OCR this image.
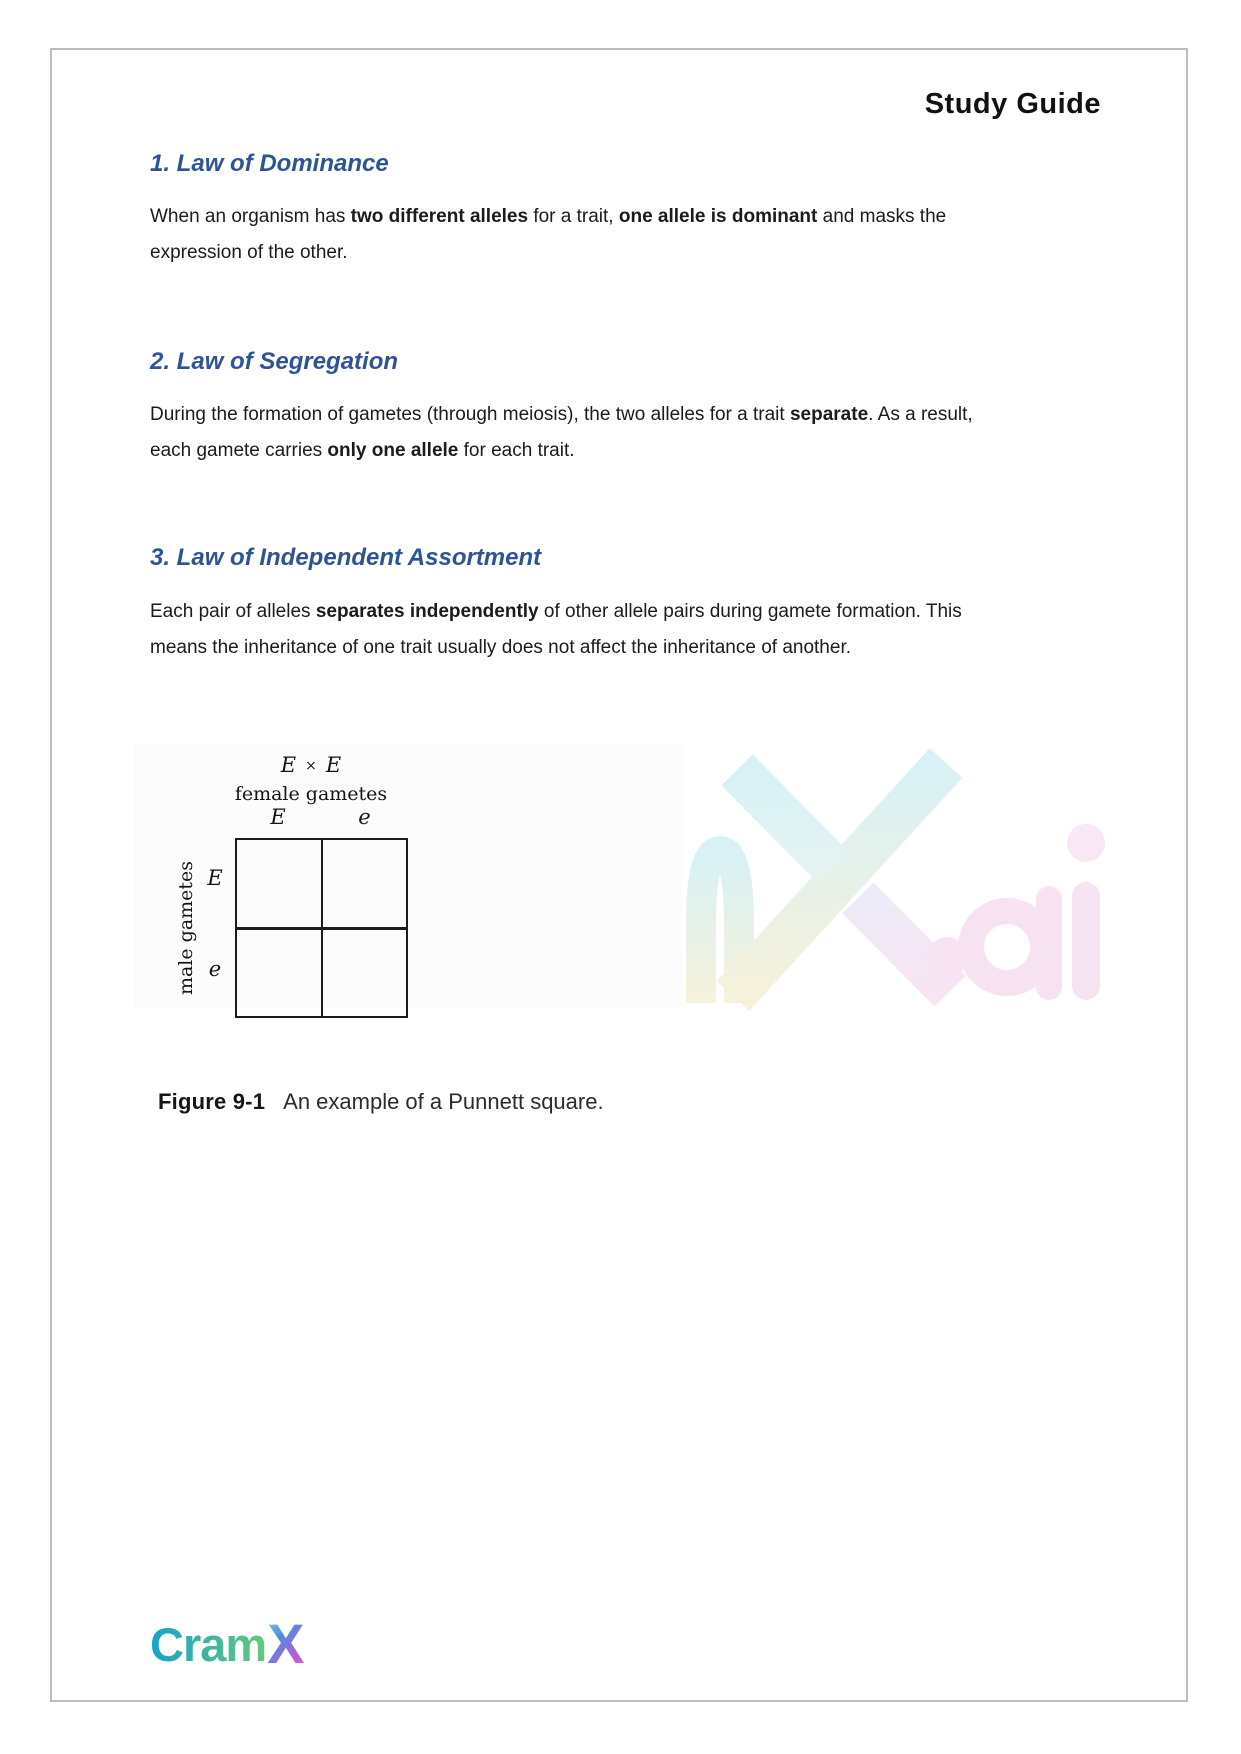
Study Guide
1. Law of Dominance
When an organism has two different alleles for a trait, one allele is dominant and masks the
expression of the other.
2. Law of Segregation
During the formation of gametes (through meiosis), the two alleles for a trait separate. As a result,
each gamete carries only one allele for each trait.
3. Law of Independent Assortment
Each pair of alleles separates independently of other allele pairs during gamete formation. This
means the inheritance of one trait usually does not affect the inheritance of another.
E × E
female gametes
E	e
E
e
male gametes
Figure 9-1 An example of a Punnett square.
Cram X
